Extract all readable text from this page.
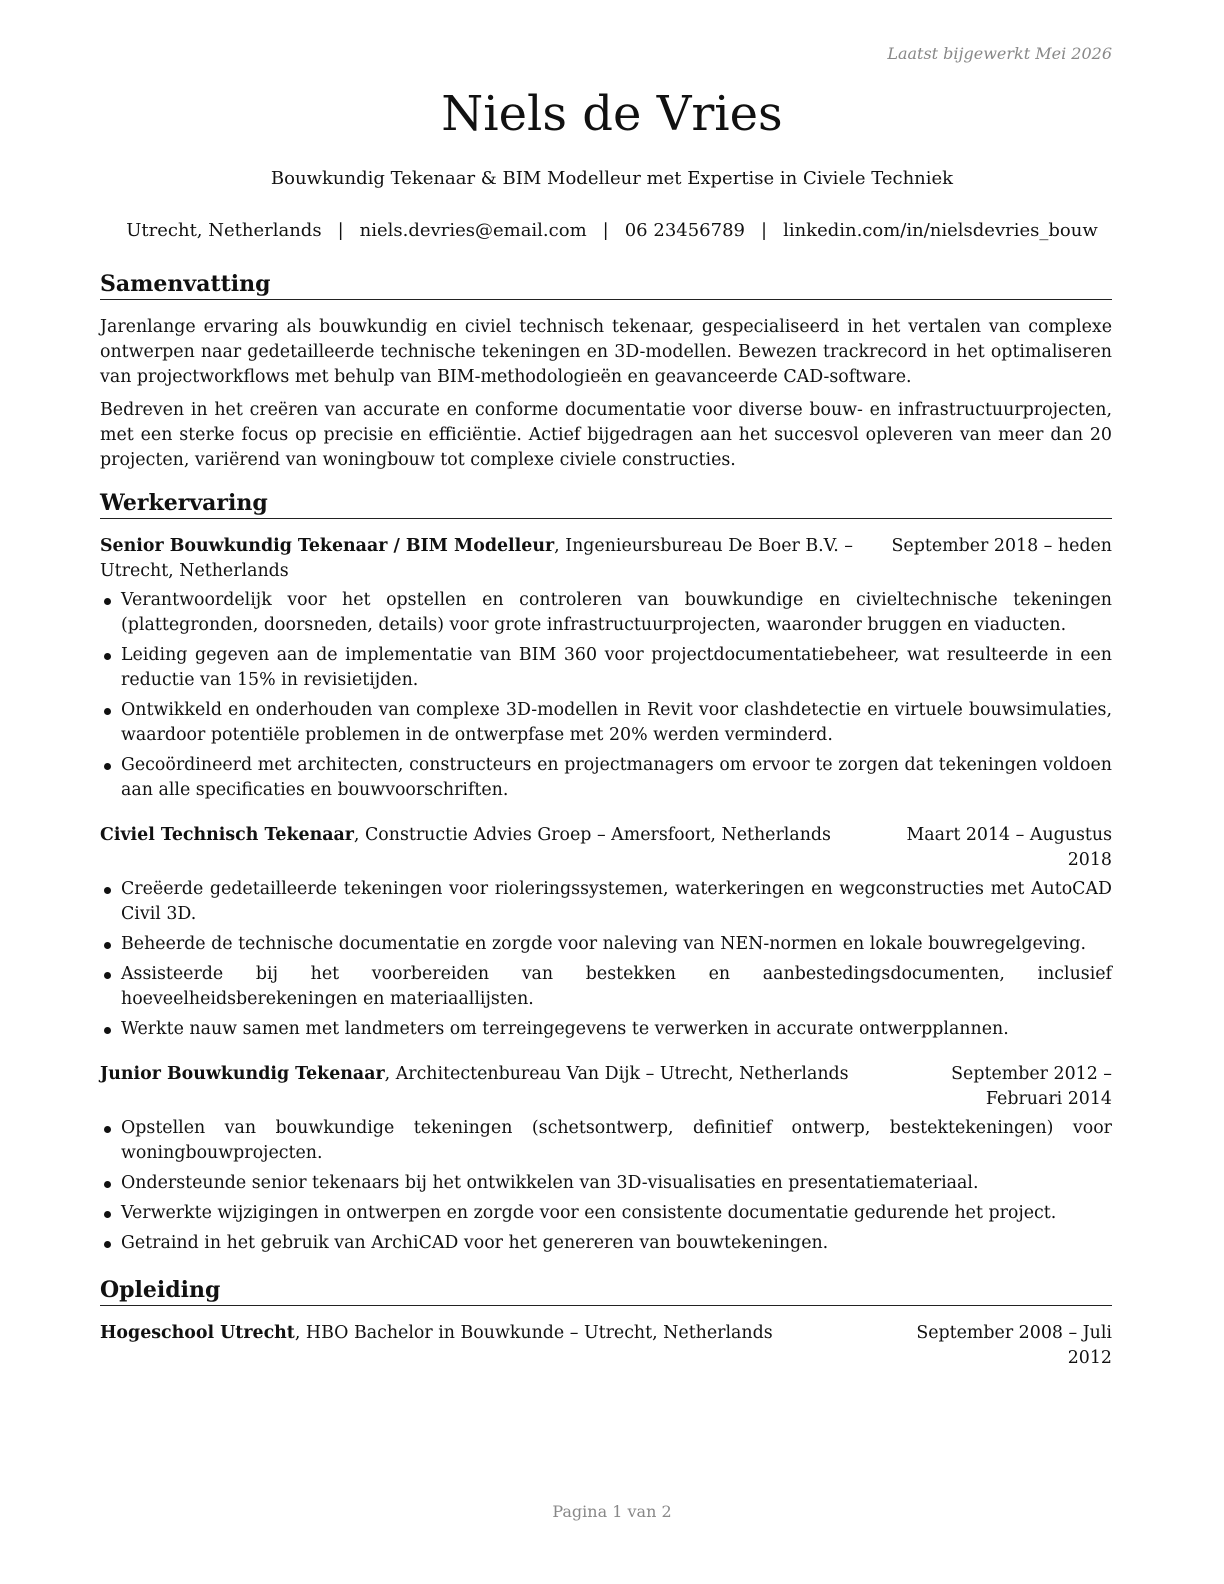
Laatst bijgewerkt Mei 2026
Niels de Vries
Bouwkundig Tekenaar & BIM Modelleur met Expertise in Civiele Techniek
Utrecht, Netherlands | niels.devries@email.com | 06 23456789 | linkedin.com/in/nielsdevries_bouw
Samenvatting

Jarenlange ervaring als bouwkundig en civiel technisch tekenaar, gespecialiseerd in het vertalen van complexe ontwerpen naar gedetailleerde technische tekeningen en 3D-modellen. Bewezen trackrecord in het optimaliseren van projectworkflows met behulp van BIM-methodologieën en geavanceerde CAD-software.

Bedreven in het creëren van accurate en conforme documentatie voor diverse bouw- en infrastructuurprojecten, met een sterke focus op precisie en efficiëntie. Actief bijgedragen aan het succesvol opleveren van meer dan 20 projecten, variërend van woningbouw tot complexe civiele constructies.

Werkervaring
Senior Bouwkundig Tekenaar / BIM Modelleur, Ingenieursbureau De Boer B.V. – Utrecht, Netherlands
September 2018 – heden
Verantwoordelijk voor het opstellen en controleren van bouwkundige en civieltechnische tekeningen (plattegronden, doorsneden, details) voor grote infrastructuurprojecten, waaronder bruggen en viaducten.
Leiding gegeven aan de implementatie van BIM 360 voor projectdocumentatiebeheer, wat resulteerde in een reductie van 15% in revisietijden.
Ontwikkeld en onderhouden van complexe 3D-modellen in Revit voor clashdetectie en virtuele bouwsimulaties, waardoor potentiële problemen in de ontwerpfase met 20% werden verminderd.
Gecoördineerd met architecten, constructeurs en projectmanagers om ervoor te zorgen dat tekeningen voldoen aan alle specificaties en bouwvoorschriften.
Civiel Technisch Tekenaar, Constructie Advies Groep – Amersfoort, Netherlands	Maart 2014 – Augustus 2018
Creëerde gedetailleerde tekeningen voor rioleringssystemen, waterkeringen en wegconstructies met AutoCAD Civil 3D.
Beheerde de technische documentatie en zorgde voor naleving van NEN-normen en lokale bouwregelgeving.
Assisteerde bij het voorbereiden van bestekken en aanbestedingsdocumenten, inclusief hoeveelheidsberekeningen en materiaallijsten.
Werkte nauw samen met landmeters om terreingegevens te verwerken in accurate ontwerpplannen.
Junior Bouwkundig Tekenaar, Architectenbureau Van Dijk – Utrecht, Netherlands	September 2012 – Februari 2014
Opstellen van bouwkundige tekeningen (schetsontwerp, definitief ontwerp, bestektekeningen) voor woningbouwprojecten.
Ondersteunde senior tekenaars bij het ontwikkelen van 3D-visualisaties en presentatiemateriaal.
Verwerkte wijzigingen in ontwerpen en zorgde voor een consistente documentatie gedurende het project.
Getraind in het gebruik van ArchiCAD voor het genereren van bouwtekeningen.
Opleiding
Hogeschool Utrecht, HBO Bachelor in Bouwkunde – Utrecht, Netherlands	September 2008 – Juli 2012
Pagina 1 van 2
